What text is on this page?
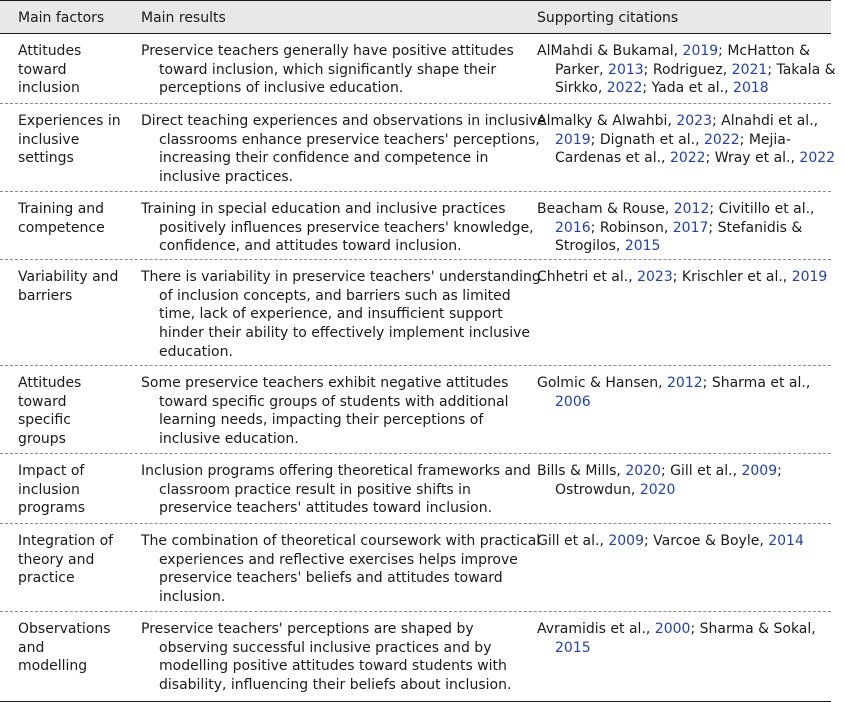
Main factors	Main results	Supporting citations
Attitudes
toward
inclusion
Preservice teachers generally have positive attitudes toward inclusion, which significantly shape their perceptions of inclusive education.
AlMahdi & Bukamal, 2019; McHatton & Parker, 2013; Rodriguez, 2021; Takala & Sirkko, 2022; Yada et al., 2018
Experiences in
inclusive
settings
Direct teaching experiences and observations in inclusive classrooms enhance preservice teachers' perceptions, increasing their confidence and competence in inclusive practices.
Almalky & Alwahbi, 2023; Alnahdi et al., 2019; Dignath et al., 2022; Mejia-Cardenas et al., 2022; Wray et al., 2022
Training and
competence
Training in special education and inclusive practices positively influences preservice teachers' knowledge, confidence, and attitudes toward inclusion.
Beacham & Rouse, 2012; Civitillo et al., 2016; Robinson, 2017; Stefanidis & Strogilos, 2015
Variability and
barriers
There is variability in preservice teachers' understanding of inclusion concepts, and barriers such as limited time, lack of experience, and insufficient support hinder their ability to effectively implement inclusive education.
Chhetri et al., 2023; Krischler et al., 2019
Attitudes
toward
specific
groups
Some preservice teachers exhibit negative attitudes toward specific groups of students with additional learning needs, impacting their perceptions of inclusive education.
Golmic & Hansen, 2012; Sharma et al., 2006
Impact of
inclusion
programs
Inclusion programs offering theoretical frameworks and classroom practice result in positive shifts in preservice teachers' attitudes toward inclusion.
Bills & Mills, 2020; Gill et al., 2009; Ostrowdun, 2020
Integration of
theory and
practice
The combination of theoretical coursework with practical experiences and reflective exercises helps improve preservice teachers' beliefs and attitudes toward inclusion.
Gill et al., 2009; Varcoe & Boyle, 2014
Observations
and
modelling
Preservice teachers' perceptions are shaped by observing successful inclusive practices and by modelling positive attitudes toward students with disability, influencing their beliefs about inclusion.
Avramidis et al., 2000; Sharma & Sokal, 2015
